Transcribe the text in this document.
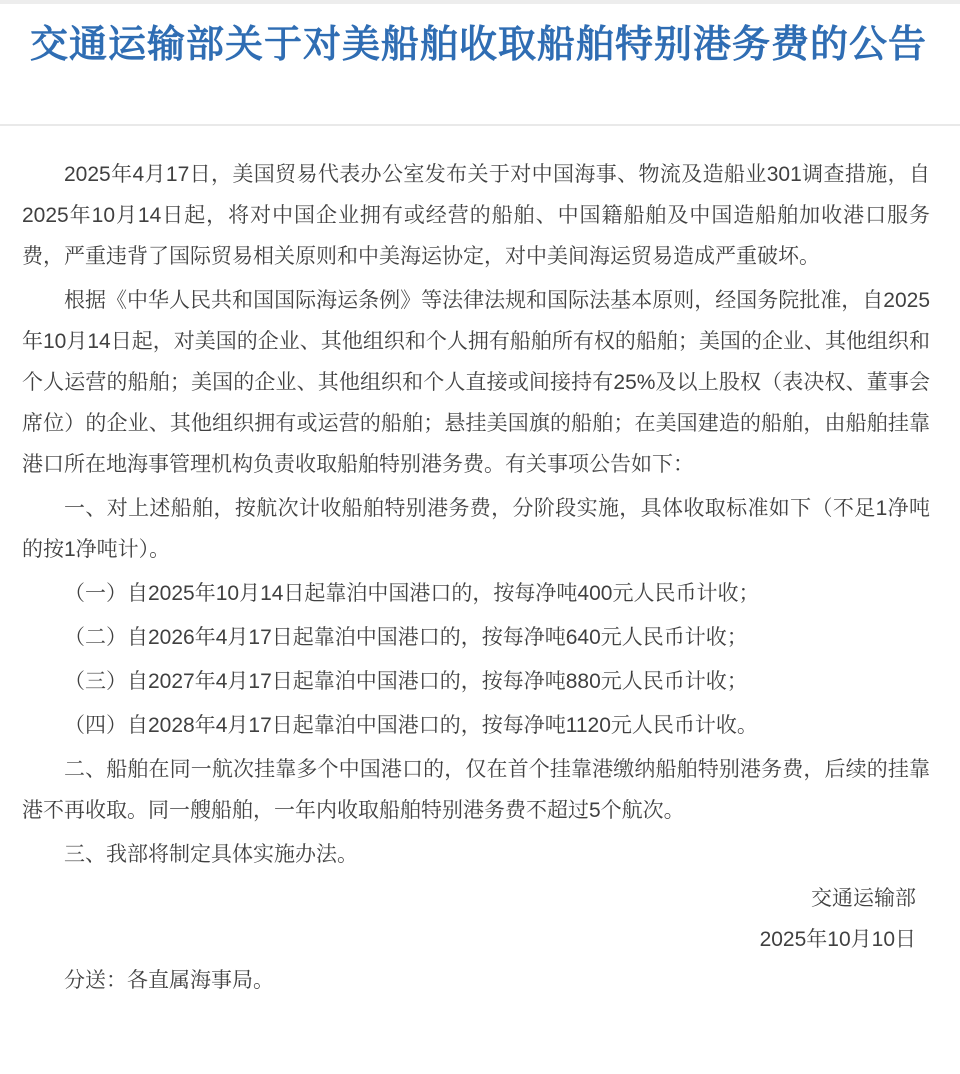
交通运输部关于对美船舶收取船舶特别港务费的公告

2025年4月17日，美国贸易代表办公室发布关于对中国海事、物流及造船业301调查措施，自2025年10月14日起，将对中国企业拥有或经营的船舶、中国籍船舶及中国造船舶加收港口服务费，严重违背了国际贸易相关原则和中美海运协定，对中美间海运贸易造成严重破坏。

根据《中华人民共和国国际海运条例》等法律法规和国际法基本原则，经国务院批准，自2025年10月14日起，对美国的企业、其他组织和个人拥有船舶所有权的船舶；美国的企业、其他组织和个人运营的船舶；美国的企业、其他组织和个人直接或间接持有25%及以上股权（表决权、董事会席位）的企业、其他组织拥有或运营的船舶；悬挂美国旗的船舶；在美国建造的船舶，由船舶挂靠港口所在地海事管理机构负责收取船舶特别港务费。有关事项公告如下：

一、对上述船舶，按航次计收船舶特别港务费，分阶段实施，具体收取标准如下（不足1净吨的按1净吨计）。

（一）自2025年10月14日起靠泊中国港口的，按每净吨400元人民币计收；

（二）自2026年4月17日起靠泊中国港口的，按每净吨640元人民币计收；

（三）自2027年4月17日起靠泊中国港口的，按每净吨880元人民币计收；

（四）自2028年4月17日起靠泊中国港口的，按每净吨1120元人民币计收。

二、船舶在同一航次挂靠多个中国港口的，仅在首个挂靠港缴纳船舶特别港务费，后续的挂靠港不再收取。同一艘船舶，一年内收取船舶特别港务费不超过5个航次。

三、我部将制定具体实施办法。

交通运输部

2025年10月10日

分送：各直属海事局。
